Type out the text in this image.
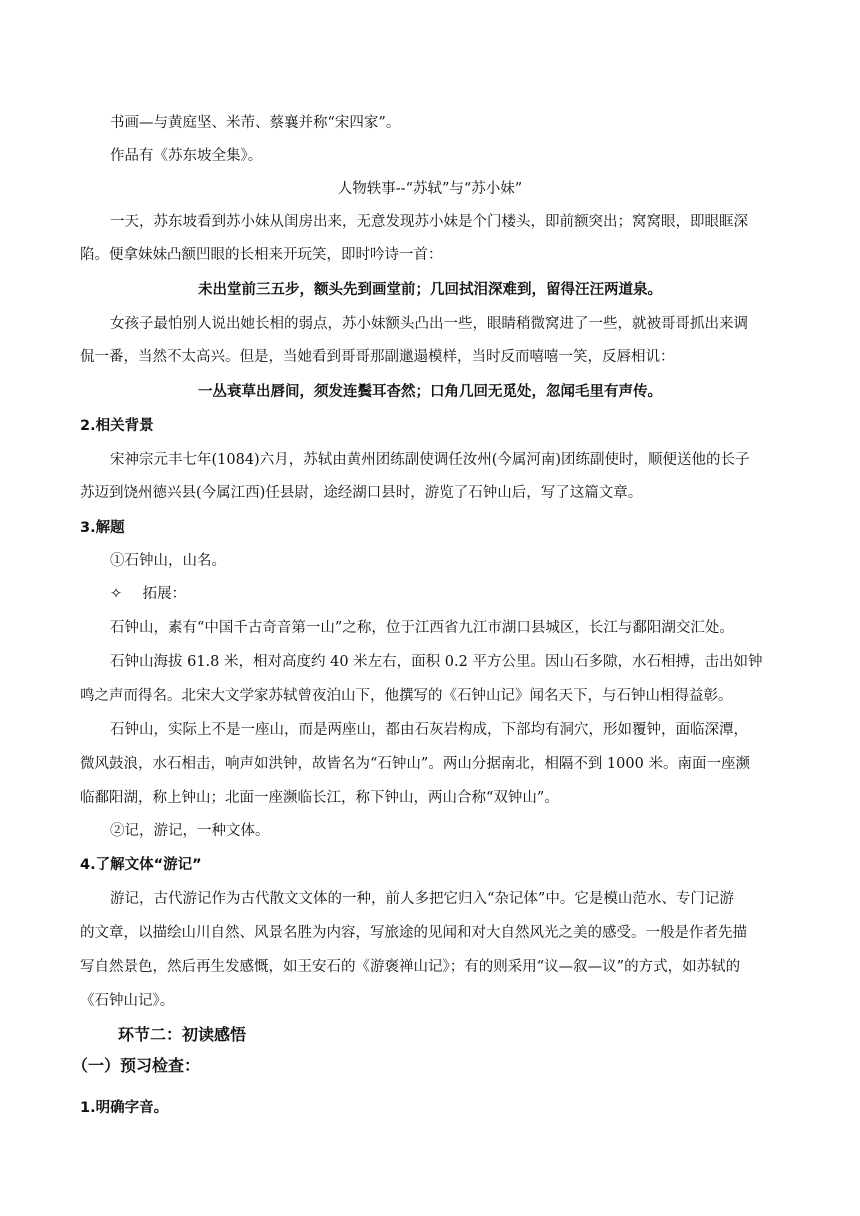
书画—与黄庭坚、米芾、蔡襄并称“宋四家”。
作品有《苏东坡全集》。
人物轶事--“苏轼”与“苏小妹”
一天，苏东坡看到苏小妹从闺房出来，无意发现苏小妹是个门楼头，即前额突出；窝窝眼，即眼眶深
陷。便拿妹妹凸额凹眼的长相来开玩笑，即时吟诗一首：
未出堂前三五步，额头先到画堂前；几回拭泪深难到，留得汪汪两道泉。
女孩子最怕别人说出她长相的弱点，苏小妹额头凸出一些，眼睛稍微窝进了一些，就被哥哥抓出来调
侃一番，当然不太高兴。但是，当她看到哥哥那副邋遢模样，当时反而嘻嘻一笑，反唇相讥：
一丛衰草出唇间，须发连鬓耳杳然；口角几回无觅处，忽闻毛里有声传。
2.相关背景
宋神宗元丰七年(1084)六月，苏轼由黄州团练副使调任汝州(今属河南)团练副使时，顺便送他的长子
苏迈到饶州德兴县(今属江西)任县尉，途经湖口县时，游览了石钟山后，写了这篇文章。
3.解题
①石钟山，山名。
✧ 拓展：
石钟山，素有“中国千古奇音第一山”之称，位于江西省九江市湖口县城区，长江与鄱阳湖交汇处。
石钟山海拔 61.8 米，相对高度约 40 米左右，面积 0.2 平方公里。因山石多隙，水石相搏，击出如钟
鸣之声而得名。北宋大文学家苏轼曾夜泊山下，他撰写的《石钟山记》闻名天下，与石钟山相得益彰。
石钟山，实际上不是一座山，而是两座山，都由石灰岩构成，下部均有洞穴，形如覆钟，面临深潭，
微风鼓浪，水石相击，响声如洪钟，故皆名为“石钟山”。两山分据南北，相隔不到 1000 米。南面一座濒
临鄱阳湖，称上钟山；北面一座濒临长江，称下钟山，两山合称“双钟山”。
②记，游记，一种文体。
4.了解文体“游记”
游记，古代游记作为古代散文文体的一种，前人多把它归入“杂记体”中。它是模山范水、专门记游
的文章，以描绘山川自然、风景名胜为内容，写旅途的见闻和对大自然风光之美的感受。一般是作者先描
写自然景色，然后再生发感慨，如王安石的《游褒禅山记》；有的则采用“议—叙—议”的方式，如苏轼的
《石钟山记》。
环节二：初读感悟
（一）预习检查：
1.明确字音。
